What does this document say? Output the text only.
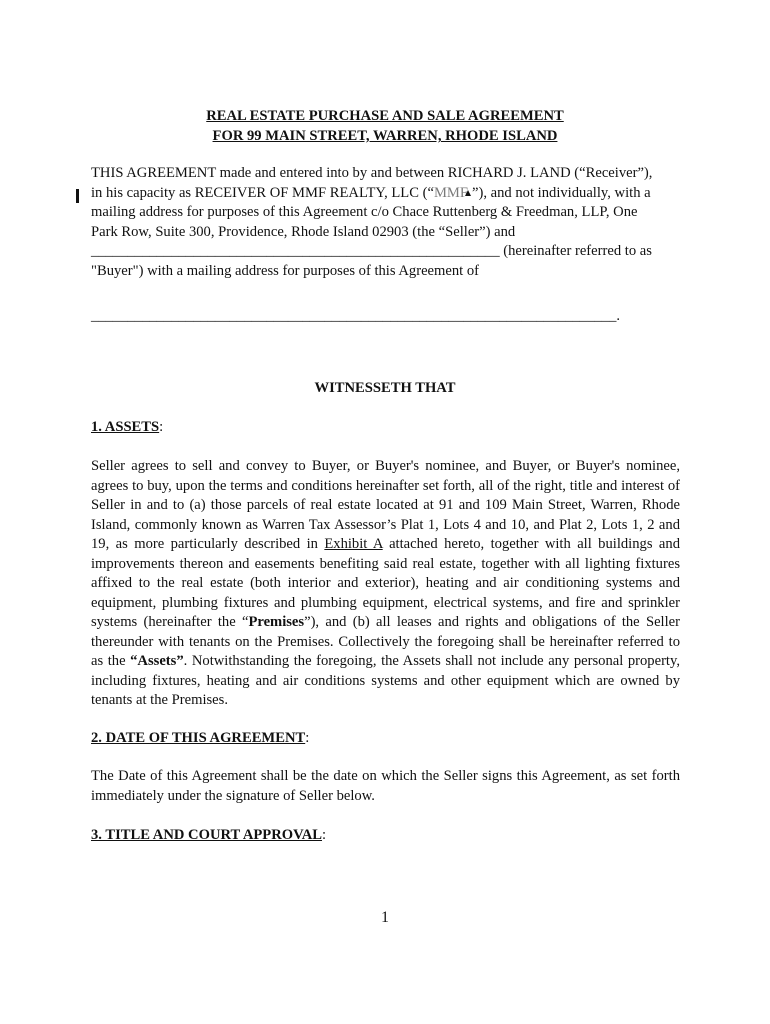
REAL ESTATE PURCHASE AND SALE AGREEMENT
FOR 99 MAIN STREET, WARREN, RHODE ISLAND
THIS AGREEMENT made and entered into by and between RICHARD J. LAND (“Receiver”),
in his capacity as RECEIVER OF MMF REALTY, LLC (“MMF ”), and not individually, with a
mailing address for purposes of this Agreement c/o Chace Ruttenberg & Freedman, LLP, One
Park Row, Suite 300, Providence, Rhode Island 02903 (the “Seller”) and
________________________________________________________ (hereinafter referred to as
"Buyer") with a mailing address for purposes of this Agreement of
________________________________________________________________________.
WITNESSETH THAT
1. ASSETS:
Seller agrees to sell and convey to Buyer, or Buyer's nominee, and Buyer, or Buyer's nominee, agrees to buy, upon the terms and conditions hereinafter set forth, all of the right, title and interest of Seller in and to (a) those parcels of real estate located at 91 and 109 Main Street, Warren, Rhode Island, commonly known as Warren Tax Assessor’s Plat 1, Lots 4 and 10, and Plat 2, Lots 1, 2 and 19, as more particularly described in Exhibit A attached hereto, together with all buildings and improvements thereon and easements benefiting said real estate, together with all lighting fixtures affixed to the real estate (both interior and exterior), heating and air conditioning systems and equipment, plumbing fixtures and plumbing equipment, electrical systems, and fire and sprinkler systems (hereinafter the “Premises”), and (b) all leases and rights and obligations of the Seller thereunder with tenants on the Premises. Collectively the foregoing shall be hereinafter referred to as the “Assets”. Notwithstanding the foregoing, the Assets shall not include any personal property, including fixtures, heating and air conditions systems and other equipment which are owned by tenants at the Premises.
2. DATE OF THIS AGREEMENT:
The Date of this Agreement shall be the date on which the Seller signs this Agreement, as set forth immediately under the signature of Seller below.
3. TITLE AND COURT APPROVAL:
1
